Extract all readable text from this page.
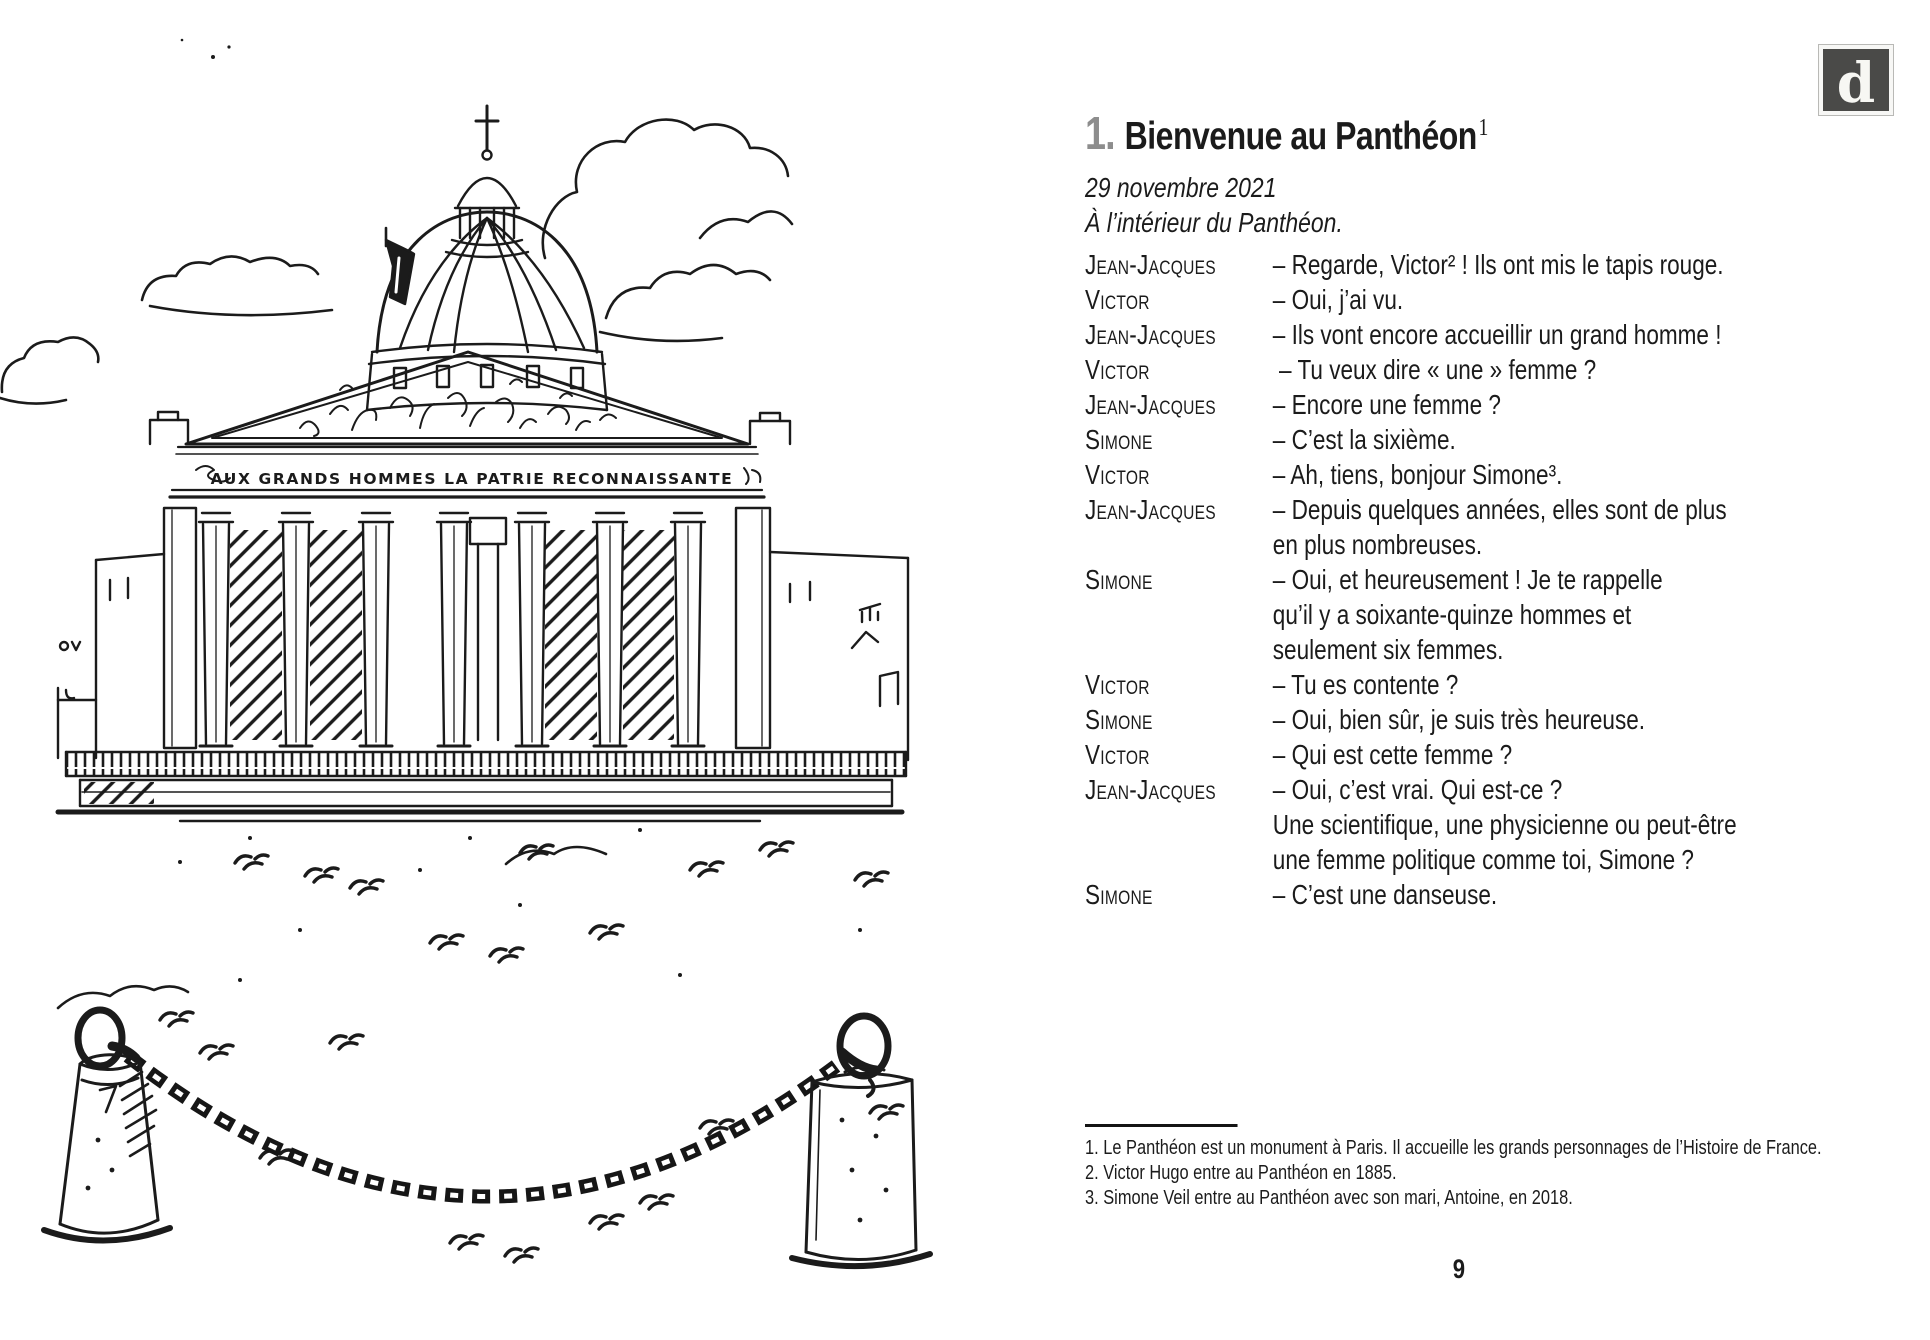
AUX GRANDS HOMMES LA PATRIE RECONNAISSANTE
d
1. Bienvenue au Panthéon$^1$
29 novembre 2021
À l’intérieur du Panthéon.
Jean-Jacques	– Regarde, Victor² ! Ils ont mis le tapis rouge.
Victor	– Oui, j’ai vu.
Jean-Jacques	– Ils vont encore accueillir un grand homme !
Victor	– Tu veux dire « une » femme ?
Jean-Jacques	– Encore une femme ?
Simone	– C’est la sixième.
Victor	– Ah, tiens, bonjour Simone³.
Jean-Jacques	– Depuis quelques années, elles sont de plus
en plus nombreuses.
Simone	– Oui, et heureusement ! Je te rappelle
qu’il y a soixante-quinze hommes et
seulement six femmes.
Victor	– Tu es contente ?
Simone	– Oui, bien sûr, je suis très heureuse.
Victor	– Qui est cette femme ?
Jean-Jacques	– Oui, c’est vrai. Qui est-ce ?
Une scientifique, une physicienne ou peut-être
une femme politique comme toi, Simone ?
Simone	– C’est une danseuse.

1. Le Panthéon est un monument à Paris. Il accueille les grands personnages de l’Histoire de France.

2. Victor Hugo entre au Panthéon en 1885.

3. Simone Veil entre au Panthéon avec son mari, Antoine, en 2018.

9
